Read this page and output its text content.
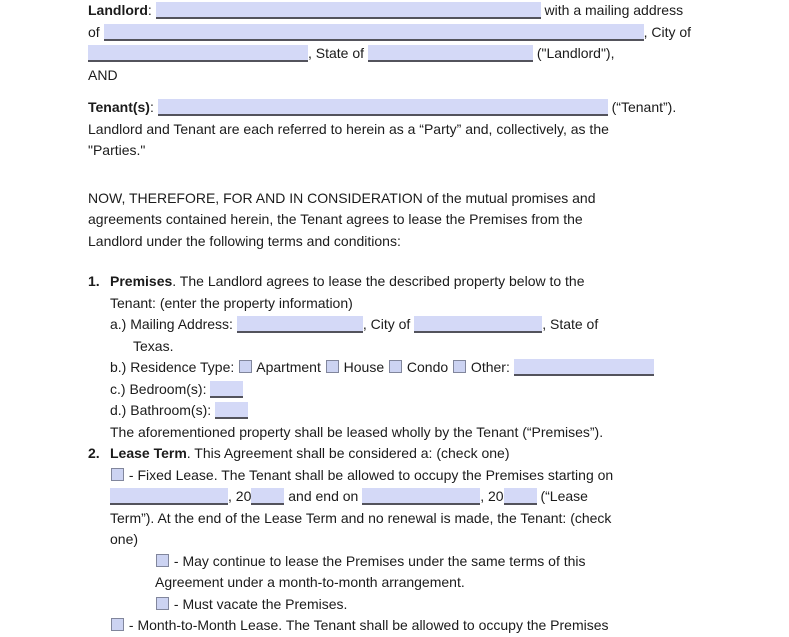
Landlord:	with a mailing address
of	, City of
, State of	("Landlord"),
AND
Tenant(s):	(“Tenant”).
Landlord and Tenant are each referred to herein as a “Party” and, collectively, as the
"Parties."
NOW, THEREFORE, FOR AND IN CONSIDERATION of the mutual promises and
agreements contained herein, the Tenant agrees to lease the Premises from the
Landlord under the following terms and conditions:
1. Premises. The Landlord agrees to lease the described property below to the
Tenant: (enter the property information)
a.) Mailing Address:	, City of	, State of
Texas.
b.) Residence Type:  Apartment  House  Condo  Other:
c.) Bedroom(s):
d.) Bathroom(s):
The aforementioned property shall be leased wholly by the Tenant (“Premises”).
2. Lease Term. This Agreement shall be considered a: (check one)
- Fixed Lease. The Tenant shall be allowed to occupy the Premises starting on
, 20 and end on	, 20 (“Lease
Term”). At the end of the Lease Term and no renewal is made, the Tenant: (check
one)
- May continue to lease the Premises under the same terms of this
Agreement under a month-to-month arrangement.
- Must vacate the Premises.
- Month-to-Month Lease. The Tenant shall be allowed to occupy the Premises
